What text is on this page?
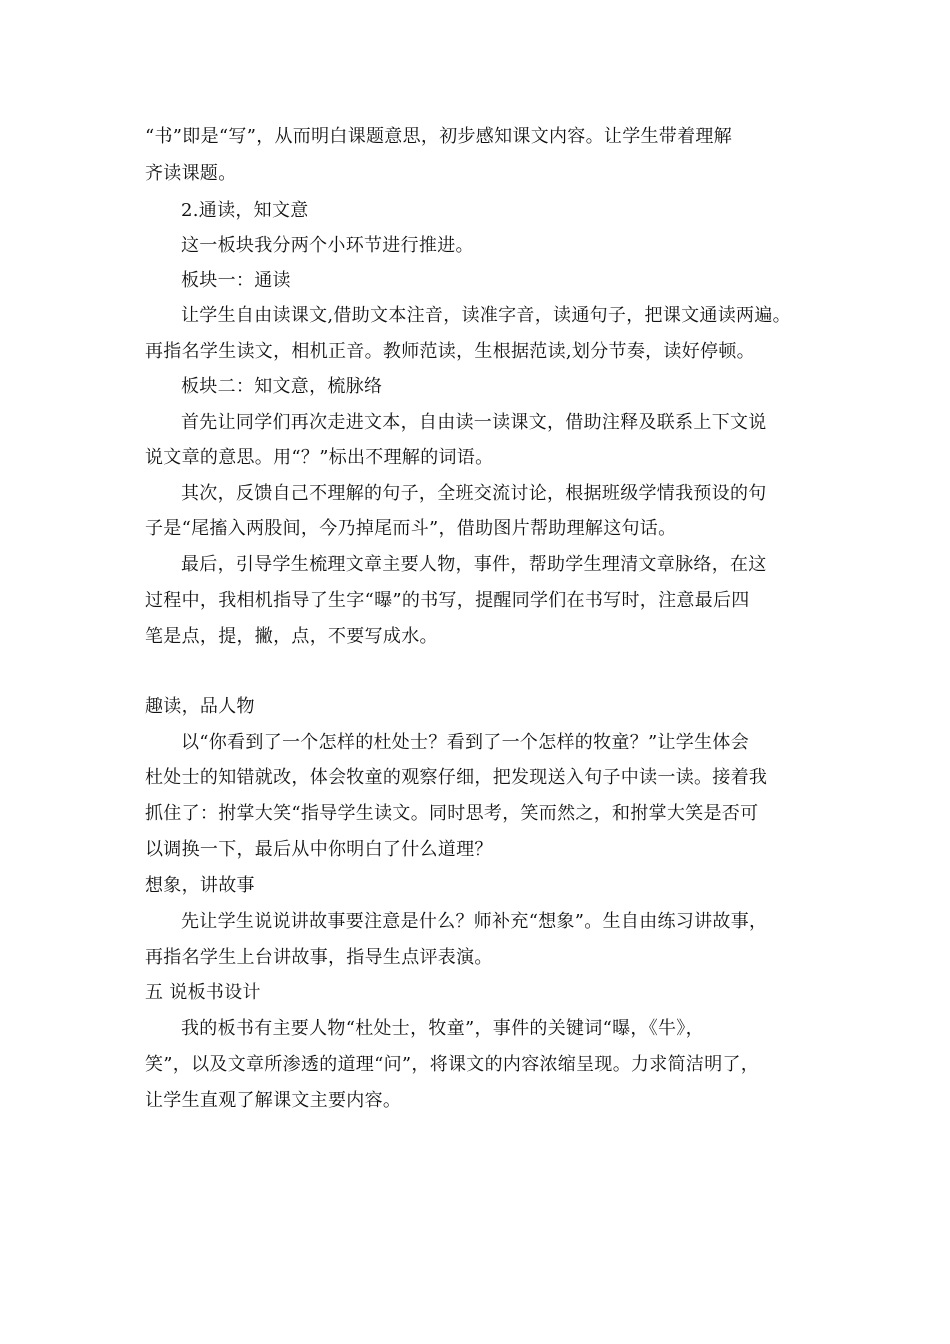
“书”即是“写”，从而明白课题意思，初步感知课文内容。让学生带着理解
齐读课题。
2.通读，知文意
这一板块我分两个小环节进行推进。
板块一：通读
让学生自由读课文,借助文本注音，读准字音，读通句子，把课文通读两遍。
再指名学生读文，相机正音。教师范读，生根据范读,划分节奏，读好停顿。
板块二：知文意，梳脉络
首先让同学们再次走进文本，自由读一读课文，借助注释及联系上下文说
说文章的意思。用“？”标出不理解的词语。
其次，反馈自己不理解的句子，全班交流讨论，根据班级学情我预设的句
子是“尾搐入两股间，今乃掉尾而斗”，借助图片帮助理解这句话。
最后，引导学生梳理文章主要人物，事件，帮助学生理清文章脉络，在这
过程中，我相机指导了生字“曝”的书写，提醒同学们在书写时，注意最后四
笔是点，提，撇，点，不要写成水。
趣读，品人物
以“你看到了一个怎样的杜处士？看到了一个怎样的牧童？”让学生体会
杜处士的知错就改，体会牧童的观察仔细，把发现送入句子中读一读。接着我
抓住了：拊掌大笑“指导学生读文。同时思考，笑而然之，和拊掌大笑是否可
以调换一下，最后从中你明白了什么道理？
想象，讲故事
先让学生说说讲故事要注意是什么？师补充“想象”。生自由练习讲故事，
再指名学生上台讲故事，指导生点评表演。
五 说板书设计
我的板书有主要人物“杜处士，牧童”，事件的关键词“曝，《牛》，
笑”，以及文章所渗透的道理“问”，将课文的内容浓缩呈现。力求简洁明了，
让学生直观了解课文主要内容。
